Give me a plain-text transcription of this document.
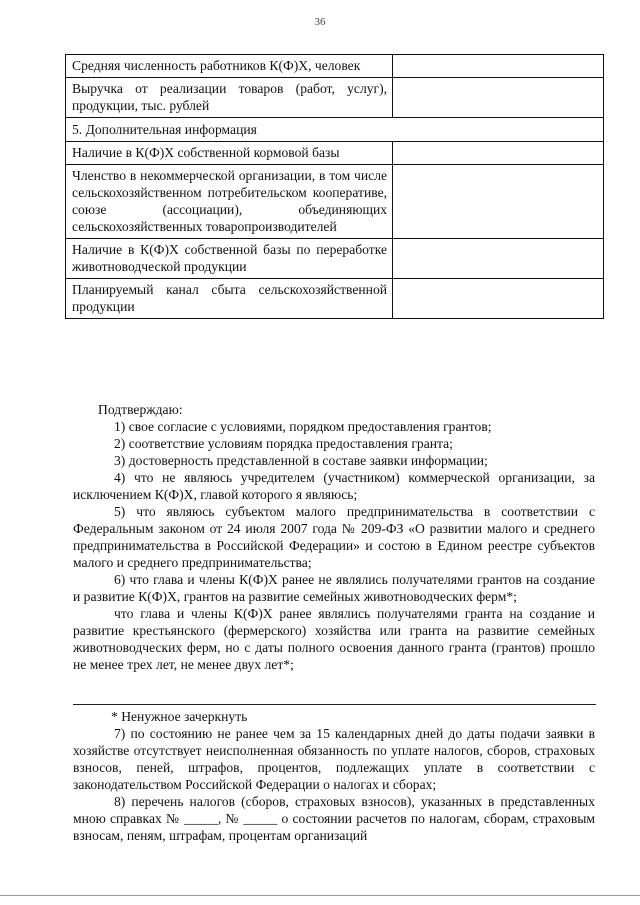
36
Средняя численность работников К(Ф)Х, человек	
Выручка от реализации товаров (работ, услуг), продукции, тыс. рублей	
5. Дополнительная информация	
Наличие в К(Ф)Х собственной кормовой базы	
Членство в некоммерческой организации, в том числе сельскохозяйственном потребительском кооперативе, союзе (ассоциации), объединяющих сельскохозяйственных товаропроизводителей	
Наличие в К(Ф)Х собственной базы по переработке животноводческой продукции	
Планируемый канал сбыта сельскохозяйственной продукции	

Подтверждаю:

1) свое согласие с условиями, порядком предоставления грантов;

2) соответствие условиям порядка предоставления гранта;

3) достоверность представленной в составе заявки информации;

4) что не являюсь учредителем (участником) коммерческой организации, за исключением К(Ф)Х, главой которого я являюсь;

5) что являюсь субъектом малого предпринимательства в соответствии с Федеральным законом от 24 июля 2007 года № 209-ФЗ «О развитии малого и среднего предпринимательства в Российской Федерации» и состою в Едином реестре субъектов малого и среднего предпринимательства;

6) что глава и члены К(Ф)Х ранее не являлись получателями грантов на создание и развитие К(Ф)Х, грантов на развитие семейных животноводческих ферм*;

что глава и члены К(Ф)Х ранее являлись получателями гранта на создание и развитие крестьянского (фермерского) хозяйства или гранта на развитие семейных животноводческих ферм, но с даты полного освоения данного гранта (грантов) прошло не менее трех лет, не менее двух лет*;

* Ненужное зачеркнуть

7) по состоянию не ранее чем за 15 календарных дней до даты подачи заявки в хозяйстве отсутствует неисполненная обязанность по уплате налогов, сборов, страховых взносов, пеней, штрафов, процентов, подлежащих уплате в соответствии с законодательством Российской Федерации о налогах и сборах;

8) перечень налогов (сборов, страховых взносов), указанных в представленных мною справках № _____, № _____ о состоянии расчетов по налогам, сборам, страховым взносам, пеням, штрафам, процентам организаций
